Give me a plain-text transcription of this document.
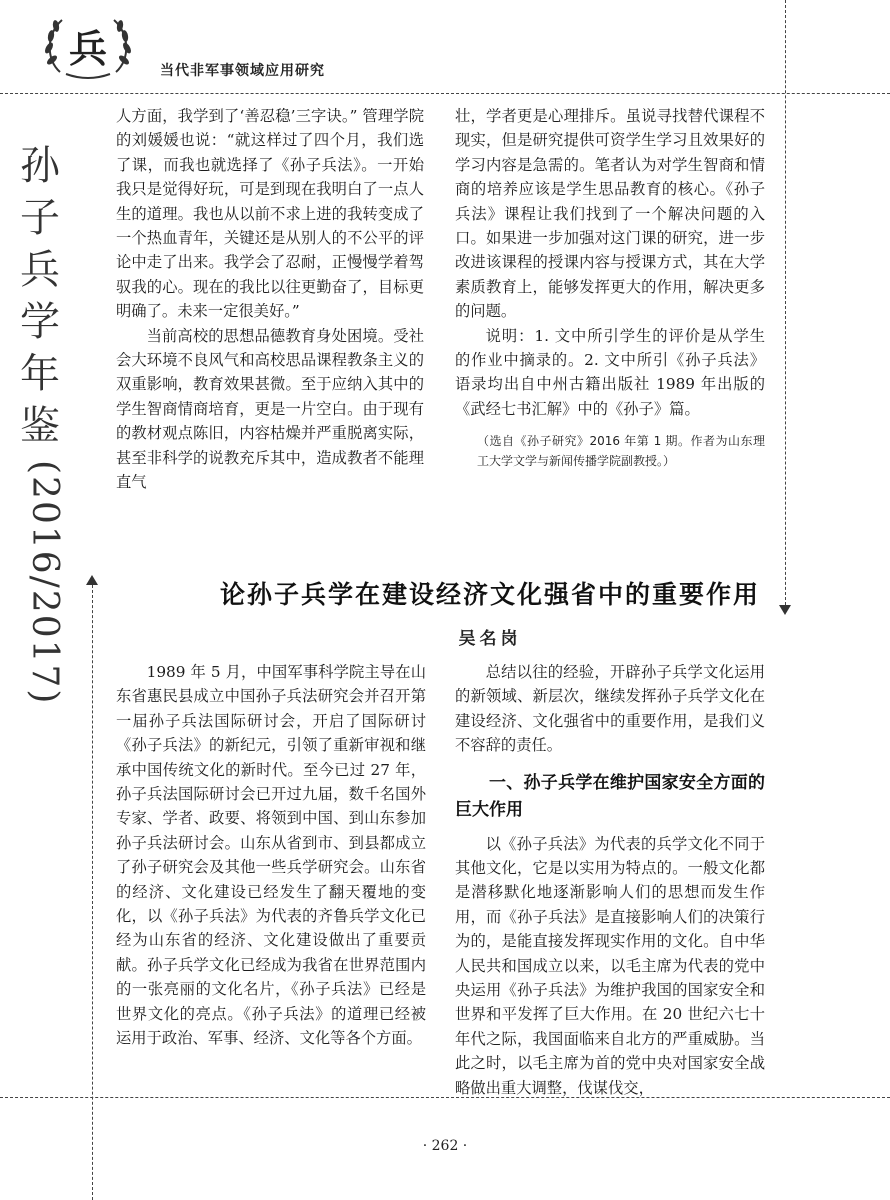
兵	当代非军事领域应用研究
孙
子
兵
学
年
鉴
(2016/2017)

人方面，我学到了‘善忍稳’三字诀。” 管理学院的刘媛媛也说：“就这样过了四个月，我们选了课，而我也就选择了《孙子兵法》。一开始我只是觉得好玩，可是到现在我明白了一点人生的道理。我也从以前不求上进的我转变成了一个热血青年，关键还是从别人的不公平的评论中走了出来。我学会了忍耐，正慢慢学着驾驭我的心。现在的我比以往更勤奋了，目标更明确了。未来一定很美好。”

当前高校的思想品德教育身处困境。受社会大环境不良风气和高校思品课程教条主义的双重影响，教育效果甚微。至于应纳入其中的学生智商情商培育，更是一片空白。由于现有的教材观点陈旧，内容枯燥并严重脱离实际，甚至非科学的说教充斥其中，造成教者不能理直气

壮，学者更是心理排斥。虽说寻找替代课程不现实，但是研究提供可资学生学习且效果好的学习内容是急需的。笔者认为对学生智商和情商的培养应该是学生思品教育的核心。《孙子兵法》课程让我们找到了一个解决问题的入口。如果进一步加强对这门课的研究，进一步改进该课程的授课内容与授课方式，其在大学素质教育上，能够发挥更大的作用，解决更多的问题。

说明：1. 文中所引学生的评价是从学生的作业中摘录的。2. 文中所引《孙子兵法》语录均出自中州古籍出版社 1989 年出版的《武经七书汇解》中的《孙子》篇。

（选自《孙子研究》2016 年第 1 期。作者为山东理工大学文学与新闻传播学院副教授。）
论孙子兵学在建设经济文化强省中的重要作用
吴名岗

1989 年 5 月，中国军事科学院主导在山东省惠民县成立中国孙子兵法研究会并召开第一届孙子兵法国际研讨会，开启了国际研讨《孙子兵法》的新纪元，引领了重新审视和继承中国传统文化的新时代。至今已过 27 年，孙子兵法国际研讨会已开过九届，数千名国外专家、学者、政要、将领到中国、到山东参加孙子兵法研讨会。山东从省到市、到县都成立了孙子研究会及其他一些兵学研究会。山东省的经济、文化建设已经发生了翻天覆地的变化，以《孙子兵法》为代表的齐鲁兵学文化已经为山东省的经济、文化建设做出了重要贡献。孙子兵学文化已经成为我省在世界范围内的一张亮丽的文化名片，《孙子兵法》已经是世界文化的亮点。《孙子兵法》的道理已经被运用于政治、军事、经济、文化等各个方面。

总结以往的经验，开辟孙子兵学文化运用的新领域、新层次，继续发挥孙子兵学文化在建设经济、文化强省中的重要作用，是我们义不容辞的责任。

一、孙子兵学在维护国家安全方面的巨大作用

以《孙子兵法》为代表的兵学文化不同于其他文化，它是以实用为特点的。一般文化都是潜移默化地逐渐影响人们的思想而发生作用，而《孙子兵法》是直接影响人们的决策行为的，是能直接发挥现实作用的文化。自中华人民共和国成立以来，以毛主席为代表的党中央运用《孙子兵法》为维护我国的国家安全和世界和平发挥了巨大作用。在 20 世纪六七十年代之际，我国面临来自北方的严重威胁。当此之时，以毛主席为首的党中央对国家安全战略做出重大调整，伐谋伐交，

· 262 ·
